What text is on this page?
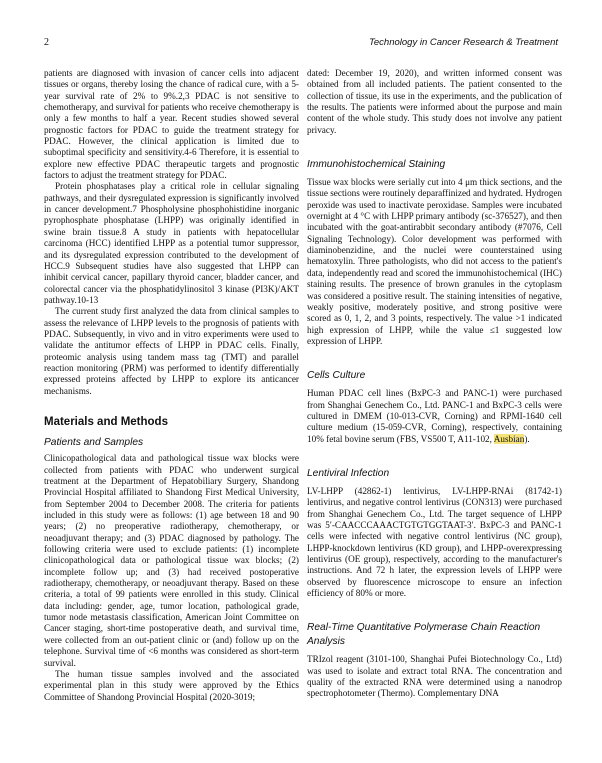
2	Technology in Cancer Research & Treatment

patients are diagnosed with invasion of cancer cells into adjacent tissues or organs, thereby losing the chance of radical cure, with a 5-year survival rate of 2% to 9%.2,3 PDAC is not sensitive to chemotherapy, and survival for patients who receive chemotherapy is only a few months to half a year. Recent studies showed several prognostic factors for PDAC to guide the treatment strategy for PDAC. However, the clinical application is limited due to suboptimal specificity and sensitivity.4-6 Therefore, it is essential to explore new effective PDAC therapeutic targets and prognostic factors to adjust the treatment strategy for PDAC.

Protein phosphatases play a critical role in cellular signaling pathways, and their dysregulated expression is significantly involved in cancer development.7 Phospholysine phosphohistidine inorganic pyrophosphate phosphatase (LHPP) was originally identified in swine brain tissue.8 A study in patients with hepatocellular carcinoma (HCC) identified LHPP as a potential tumor suppressor, and its dysregulated expression contributed to the development of HCC.9 Subsequent studies have also suggested that LHPP can inhibit cervical cancer, papillary thyroid cancer, bladder cancer, and colorectal cancer via the phosphatidylinositol 3 kinase (PI3K)/AKT pathway.10-13

The current study first analyzed the data from clinical samples to assess the relevance of LHPP levels to the prognosis of patients with PDAC. Subsequently, in vivo and in vitro experiments were used to validate the antitumor effects of LHPP in PDAC cells. Finally, proteomic analysis using tandem mass tag (TMT) and parallel reaction monitoring (PRM) was performed to identify differentially expressed proteins affected by LHPP to explore its anticancer mechanisms.

Materials and Methods
Patients and Samples

Clinicopathological data and pathological tissue wax blocks were collected from patients with PDAC who underwent surgical treatment at the Department of Hepatobiliary Surgery, Shandong Provincial Hospital affiliated to Shandong First Medical University, from September 2004 to December 2008. The criteria for patients included in this study were as follows: (1) age between 18 and 90 years; (2) no preoperative radiotherapy, chemotherapy, or neoadjuvant therapy; and (3) PDAC diagnosed by pathology. The following criteria were used to exclude patients: (1) incomplete clinicopathological data or pathological tissue wax blocks; (2) incomplete follow up; and (3) had received postoperative radiotherapy, chemotherapy, or neoadjuvant therapy. Based on these criteria, a total of 99 patients were enrolled in this study. Clinical data including: gender, age, tumor location, pathological grade, tumor node metastasis classification, American Joint Committee on Cancer staging, short-time postoperative death, and survival time, were collected from an out-patient clinic or (and) follow up on the telephone. Survival time of <6 months was considered as short-term survival.

The human tissue samples involved and the associated experimental plan in this study were approved by the Ethics Committee of Shandong Provincial Hospital (2020-3019;

dated: December 19, 2020), and written informed consent was obtained from all included patients. The patient consented to the collection of tissue, its use in the experiments, and the publication of the results. The patients were informed about the purpose and main content of the whole study. This study does not involve any patient privacy.

Immunohistochemical Staining

Tissue wax blocks were serially cut into 4 μm thick sections, and the tissue sections were routinely deparaffinized and hydrated. Hydrogen peroxide was used to inactivate peroxidase. Samples were incubated overnight at 4 °C with LHPP primary antibody (sc-376527), and then incubated with the goat-antirabbit secondary antibody (#7076, Cell Signaling Technology). Color development was performed with diaminobenzidine, and the nuclei were counterstained using hematoxylin. Three pathologists, who did not access to the patient's data, independently read and scored the immunohistochemical (IHC) staining results. The presence of brown granules in the cytoplasm was considered a positive result. The staining intensities of negative, weakly positive, moderately positive, and strong positive were scored as 0, 1, 2, and 3 points, respectively. The value >1 indicated high expression of LHPP, while the value ≤1 suggested low expression of LHPP.

Cells Culture

Human PDAC cell lines (BxPC-3 and PANC-1) were purchased from Shanghai Genechem Co., Ltd. PANC-1 and BxPC-3 cells were cultured in DMEM (10-013-CVR, Corning) and RPMI-1640 cell culture medium (15-059-CVR, Corning), respectively, containing 10% fetal bovine serum (FBS, VS500 T, A11-102, Ausbian).

Lentiviral Infection

LV-LHPP (42862-1) lentivirus, LV-LHPP-RNAi (81742-1) lentivirus, and negative control lentivirus (CON313) were purchased from Shanghai Genechem Co., Ltd. The target sequence of LHPP was 5′-CAACCCAAACTGTGTGGTAAT-3′. BxPC-3 and PANC-1 cells were infected with negative control lentivirus (NC group), LHPP-knockdown lentivirus (KD group), and LHPP-overexpressing lentivirus (OE group), respectively, according to the manufacturer's instructions. And 72 h later, the expression levels of LHPP were observed by fluorescence microscope to ensure an infection efficiency of 80% or more.

Real-Time Quantitative Polymerase Chain Reaction Analysis

TRIzol reagent (3101-100, Shanghai Pufei Biotechnology Co., Ltd) was used to isolate and extract total RNA. The concentration and quality of the extracted RNA were determined using a nanodrop spectrophotometer (Thermo). Complementary DNA
